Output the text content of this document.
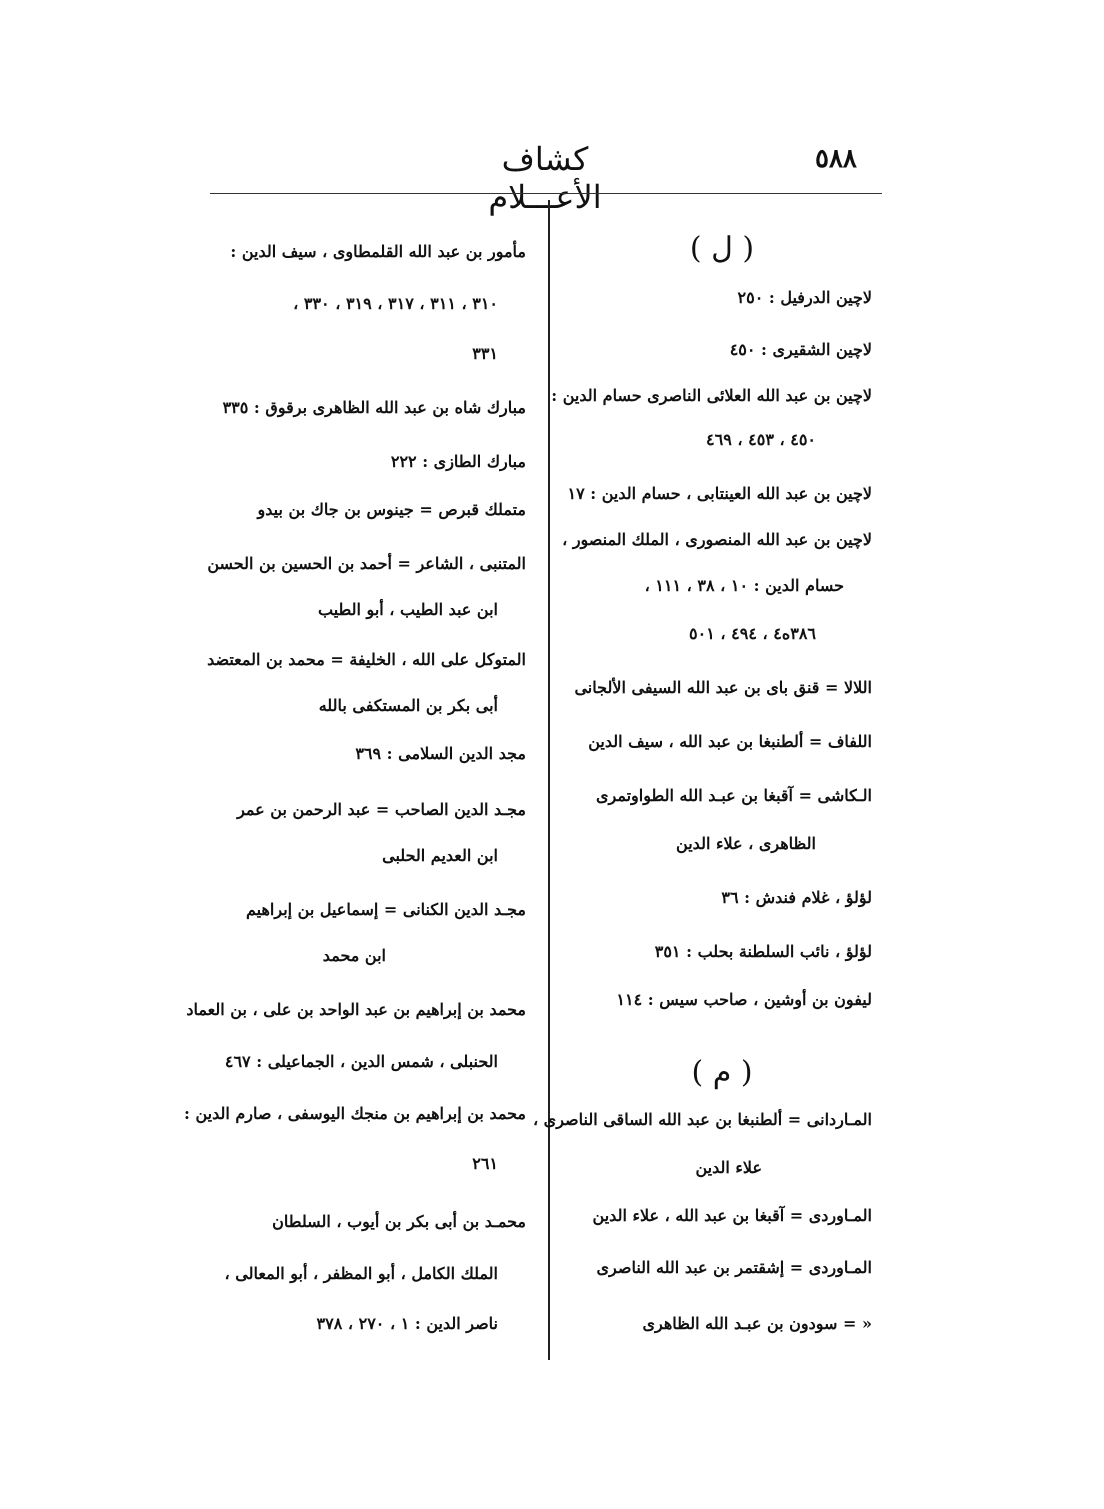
٥٨٨
كشاف الأعـــلام
( ل )
لاچين الدرفيل : ٢٥٠
لاچين الشقيرى : ٤٥٠
لاچين بن عبد الله العلائى الناصرى حسام الدين :
٤٥٠ ، ٤٥٣ ، ٤٦٩
لاچين بن عبد الله العينتابى ، حسام الدين : ١٧
لاچين بن عبد الله المنصورى ، الملك المنصور ،
حسام الدين : ١٠ ، ٣٨ ، ١١١ ،
٣٨٦ه٤ ، ٤٩٤ ، ٥٠١
اللالا = قنق باى بن عبد الله السيفى الألجانى
اللفاف = ألطنبغا بن عبد الله ، سيف الدين
الـكاشى = آقبغا بن عبـد الله الطواوتمرى
الظاهرى ، علاء الدين
لؤلؤ ، غلام فندش : ٣٦
لؤلؤ ، نائب السلطنة بحلب : ٣٥١
ليفون بن أوشين ، صاحب سيس : ١١٤
( م )
المـاردانى = ألطنبغا بن عبد الله الساقى الناصرى ،
علاء الدين
المـاوردى = آقبغا بن عبد الله ، علاء الدين
المـاوردى = إشقتمر بن عبد الله الناصرى
« = سودون بن عبـد الله الظاهرى
مأمور بن عبد الله القلمطاوى ، سيف الدين :
٣١٠ ، ٣١١ ، ٣١٧ ، ٣١٩ ، ٣٣٠ ،
٣٣١
مبارك شاه بن عبد الله الظاهرى برقوق : ٣٣٥
مبارك الطازى : ٢٢٢
متملك قبرص = جينوس بن جاك بن بيدو
المتنبى ، الشاعر = أحمد بن الحسين بن الحسن
ابن عبد الطيب ، أبو الطيب
المتوكل على الله ، الخليفة = محمد بن المعتضد
أبى بكر بن المستكفى بالله
مجد الدين السلامى : ٣٦٩
مجـد الدين الصاحب = عبد الرحمن بن عمر
ابن العديم الحلبى
مجـد الدين الكنانى = إسماعيل بن إبراهيم
ابن محمد
محمد بن إبراهيم بن عبد الواحد بن على ، بن العماد
الحنبلى ، شمس الدين ، الجماعيلى : ٤٦٧
محمد بن إبراهيم بن منجك اليوسفى ، صارم الدين :
٢٦١
محمـد بن أبى بكر بن أيوب ، السلطان
الملك الكامل ، أبو المظفر ، أبو المعالى ،
ناصر الدين : ١ ، ٢٧٠ ، ٣٧٨
